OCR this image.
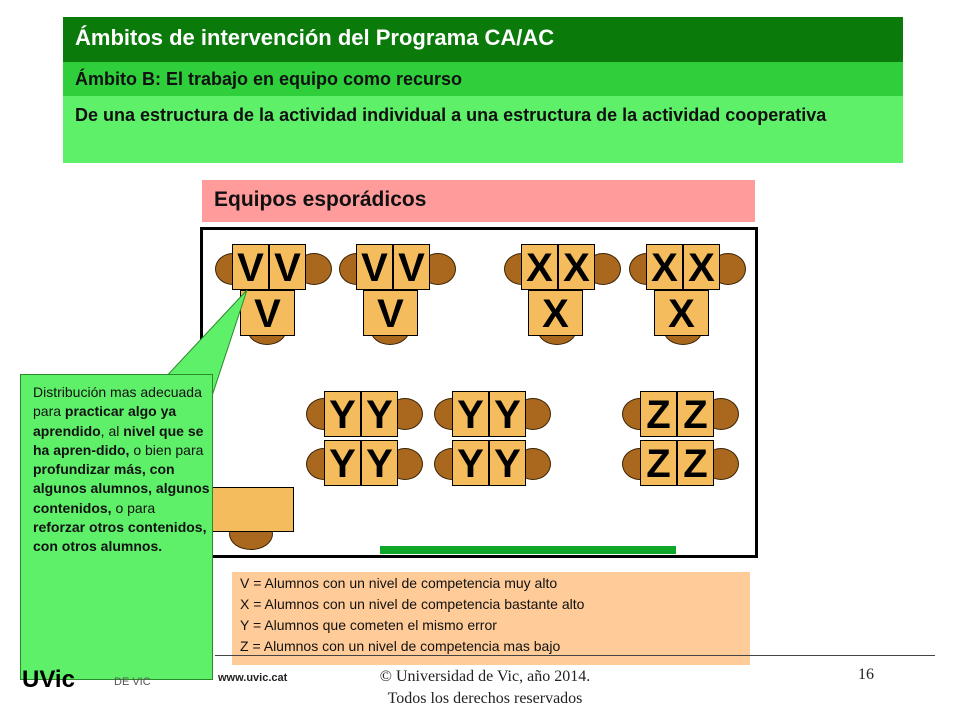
Ámbitos de intervención del Programa CA/AC
Ámbito B: El trabajo en equipo como recurso
De una estructura de la actividad individual a una estructura de la actividad cooperativa
Equipos esporádicos
V V
V
V V
V
X X
X
X X
X
Y Y
Y Y
Y Y
Y Y
Z Z
Z Z

Distribución mas adecuada para practicar algo ya aprendido, al nivel que se ha apren-dido, o bien para profundizar más, con algunos alumnos, algunos contenidos, o para reforzar otros contenidos, con otros alumnos.

V = Alumnos con un nivel de competencia muy alto
X = Alumnos con un nivel de competencia bastante alto
Y = Alumnos que cometen el mismo error
Z = Alumnos con un nivel de competencia mas bajo
UVic	DE VIC	www.uvic.cat	© Universidad de Vic, año 2014.
Todos los derechos reservados
16
